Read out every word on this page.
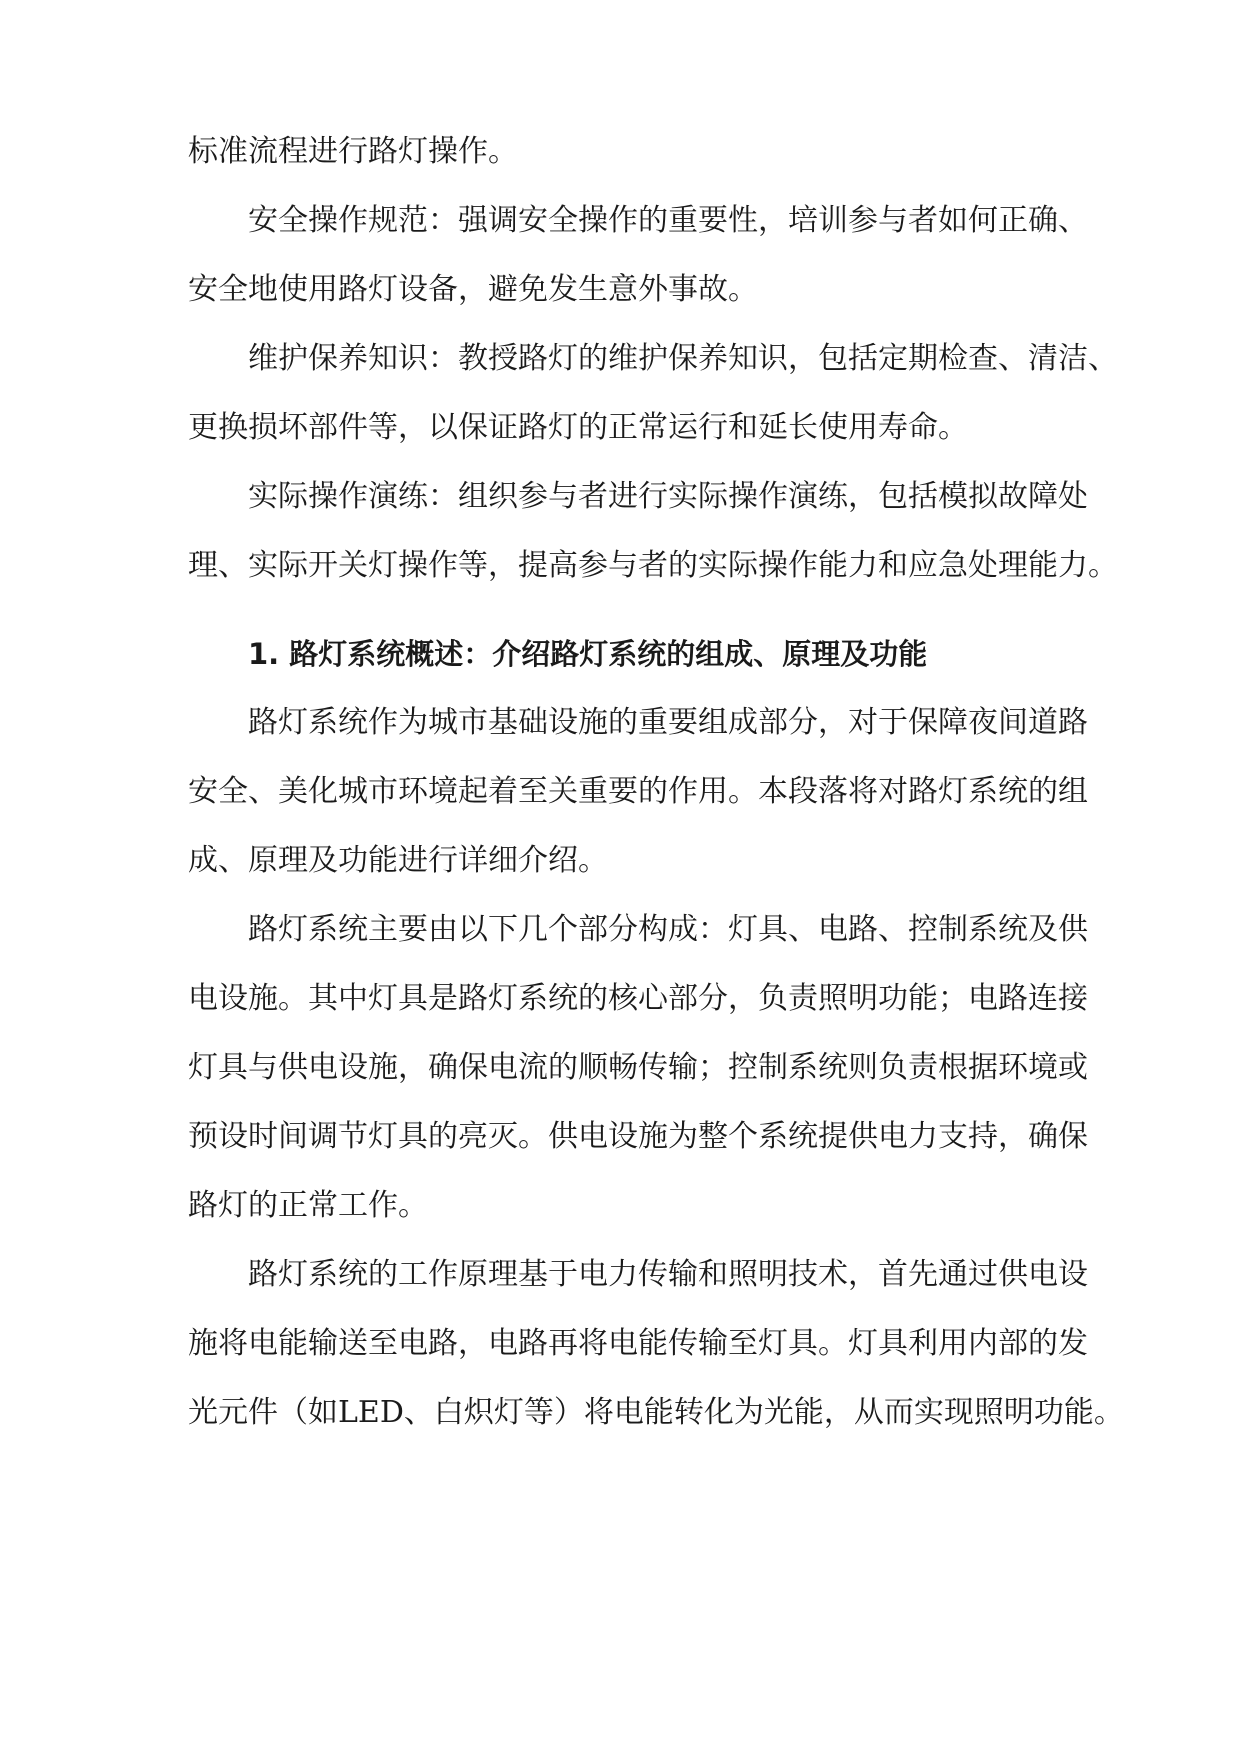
标准流程进行路灯操作。
安全操作规范：强调安全操作的重要性，培训参与者如何正确、
安全地使用路灯设备，避免发生意外事故。
维护保养知识：教授路灯的维护保养知识，包括定期检查、清洁、
更换损坏部件等，以保证路灯的正常运行和延长使用寿命。
实际操作演练：组织参与者进行实际操作演练，包括模拟故障处
理、实际开关灯操作等，提高参与者的实际操作能力和应急处理能力。
1. 路灯系统概述：介绍路灯系统的组成、原理及功能
路灯系统作为城市基础设施的重要组成部分，对于保障夜间道路
安全、美化城市环境起着至关重要的作用。本段落将对路灯系统的组
成、原理及功能进行详细介绍。
路灯系统主要由以下几个部分构成：灯具、电路、控制系统及供
电设施。其中灯具是路灯系统的核心部分，负责照明功能；电路连接
灯具与供电设施，确保电流的顺畅传输；控制系统则负责根据环境或
预设时间调节灯具的亮灭。供电设施为整个系统提供电力支持，确保
路灯的正常工作。
路灯系统的工作原理基于电力传输和照明技术，首先通过供电设
施将电能输送至电路，电路再将电能传输至灯具。灯具利用内部的发
光元件（如LED、白炽灯等）将电能转化为光能，从而实现照明功能。
